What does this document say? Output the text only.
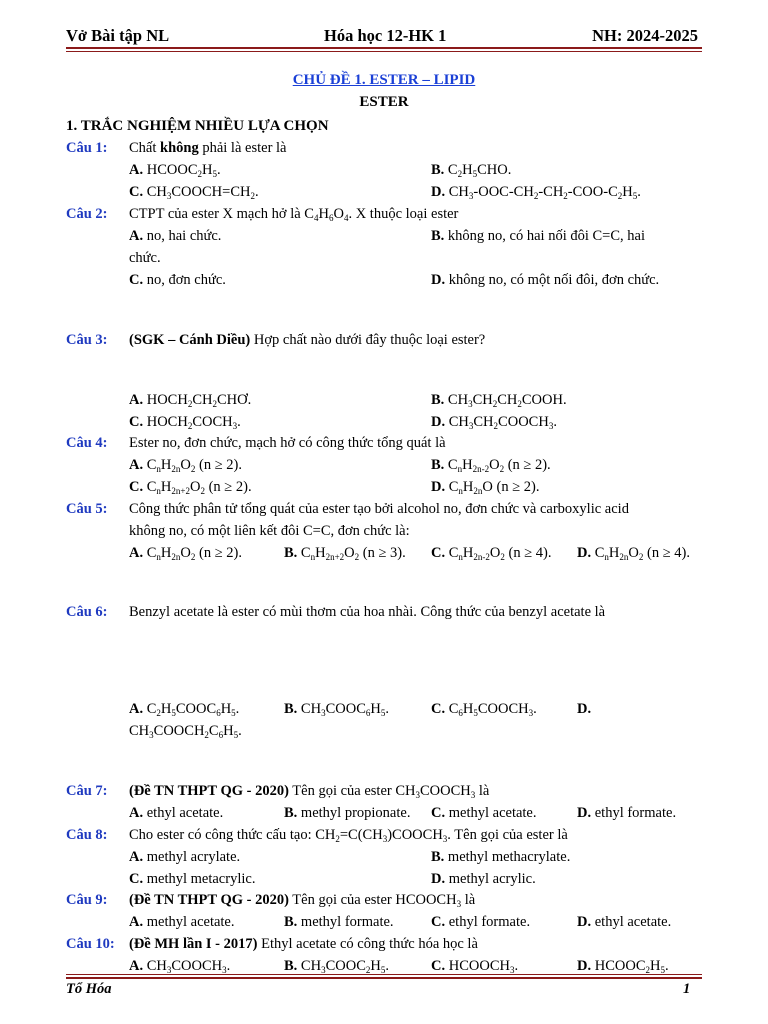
Vở Bài tập NL	Hóa học 12-HK 1	NH: 2024-2025
CHỦ ĐỀ 1. ESTER – LIPID
ESTER
1. TRẮC NGHIỆM NHIỀU LỰA CHỌN
Câu 1: Chất không phải là ester là
A. $HCOOC_2H_5$.	B. $C_2H_5CHO$.
C. $CH_3COOCH=CH_2$.	D. $CH_3-OOC-CH_2-CH_2-COO-C_2H_5$.
Câu 2: CTPT của ester X mạch hở là $C_4H_6O_4$. X thuộc loại ester
A. no, hai chức.	B. không no, có hai nối đôi C=C, hai
chức.
C. no, đơn chức.	D. không no, có một nối đôi, đơn chức.
Câu 3: (SGK – Cánh Diều) Hợp chất nào dưới đây thuộc loại ester?
A. $HOCH_2CH_2CHƠ$.	B. $CH_3CH_2CH_2COOH$.
C. $HOCH_2COCH_3$.	D. $CH_3CH_2COOCH_3$.
Câu 4: Ester no, đơn chức, mạch hở có công thức tổng quát là
A. $C_nH_{2n}O_2$ (n ≥ 2).	B. $C_nH_{2n-2}O_2$ (n ≥ 2).
C. $C_nH_{2n+2}O_2$ (n ≥ 2).	D. $C_nH_{2n}O$ (n ≥ 2).
Câu 5: Công thức phân tử tổng quát của ester tạo bởi alcohol no, đơn chức và carboxylic acid
không no, có một liên kết đôi C=C, đơn chức là:
A. $C_nH_{2n}O_2$ (n ≥ 2).	B. $C_nH_{2n+2}O_2$ (n ≥ 3). C. $C_nH_{2n-2}O_2$ (n ≥ 4). D. $C_nH_{2n}O_2$ (n ≥ 4).
Câu 6: Benzyl acetate là ester có mùi thơm của hoa nhài. Công thức của benzyl acetate là
A. $C_2H_5COOC_6H_5$.	B. $CH_3COOC_6H_5$.	C. $C_6H_5COOCH_3$.	D.
$CH_3COOCH_2C_6H_5$.
Câu 7: (Đề TN THPT QG - 2020) Tên gọi của ester $CH_3COOCH_3$ là
A. ethyl acetate.	B. methyl propionate. C. methyl acetate.	D. ethyl formate.
Câu 8: Cho ester có công thức cấu tạo: $CH_2=C(CH_3)COOCH_3$. Tên gọi của ester là
A. methyl acrylate.	B. methyl methacrylate.
C. methyl metacrylic.	D. methyl acrylic.
Câu 9: (Đề TN THPT QG - 2020) Tên gọi của ester $HCOOCH_3$ là
A. methyl acetate.	B. methyl formate.	C. ethyl formate.	D. ethyl acetate.
Câu 10: (Đề MH lần I - 2017) Ethyl acetate có công thức hóa học là
A. $CH_3COOCH_3$.	B. $CH_3COOC_2H_5$.	C. $HCOOCH_3$.	D. $HCOOC_2H_5$.
Tổ Hóa	1
